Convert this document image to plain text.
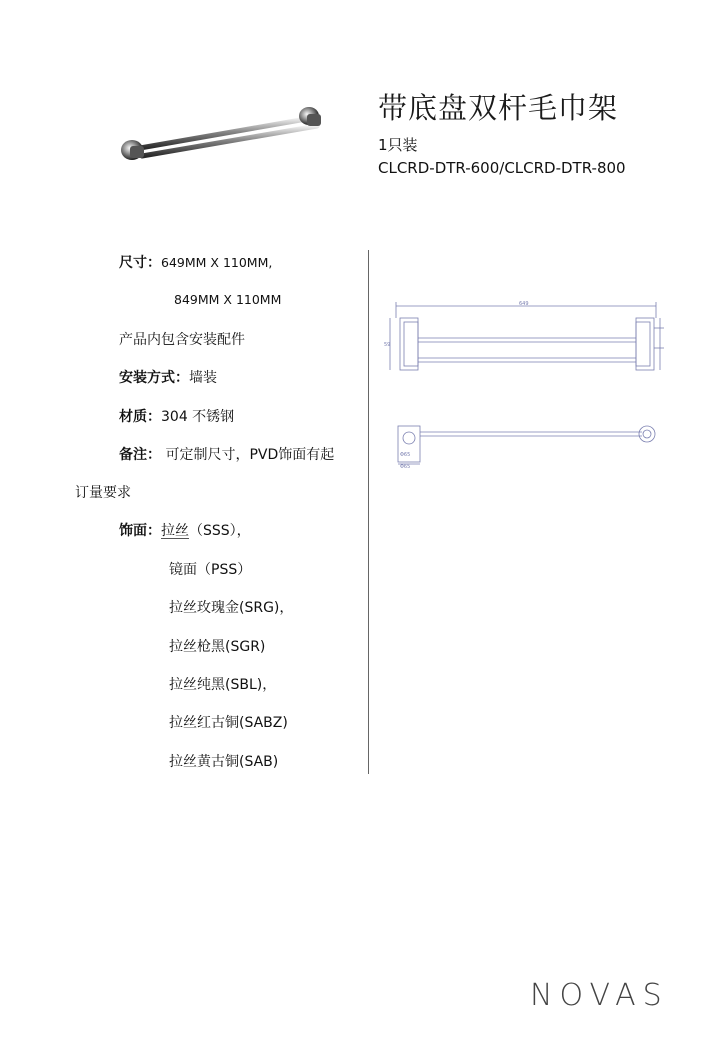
带底盘双杆毛巾架
1只装
CLCRD-DTR-600/CLCRD-DTR-800
尺寸：649MM X 110MM,
849MM X 110MM
产品内包含安装配件
安装方式：墙装
材质：304 不锈钢
备注： 可定制尺寸，PVD饰面有起
订量要求
饰面：拉丝（SSS），
镜面（PSS）
拉丝玫瑰金(SRG)，
拉丝枪黑(SGR)
拉丝纯黑(SBL)，
拉丝红古铜(SABZ)
拉丝黄古铜(SAB)
649
59
Φ65
Φ65
NOVAS
